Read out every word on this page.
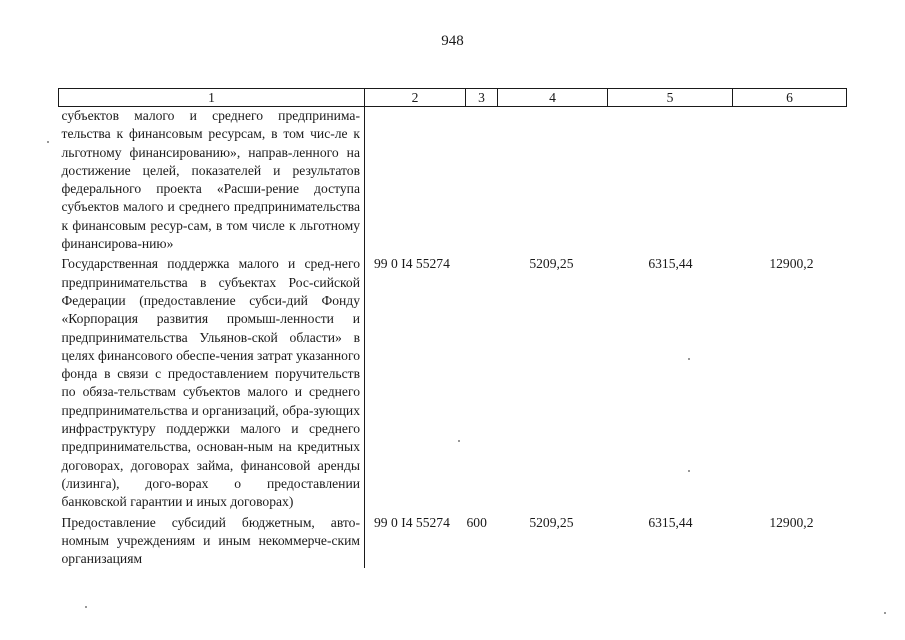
948
1	2	3	4	5	6
субъектов малого и среднего предпринима-тельства к финансовым ресурсам, в том чис-ле к льготному финансированию», направ-ленного на достижение целей, показателей и результатов федерального проекта «Расши-рение доступа субъектов малого и среднего предпринимательства к финансовым ресур-сам, в том числе к льготному финансирова-нию»					
Государственная поддержка малого и сред-него предпринимательства в субъектах Рос-сийской Федерации (предоставление субси-дий Фонду «Корпорация развития промыш-ленности и предпринимательства Ульянов-ской области» в целях финансового обеспе-чения затрат указанного фонда в связи с предоставлением поручительств по обяза-тельствам субъектов малого и среднего предпринимательства и организаций, обра-зующих инфраструктуру поддержки малого и среднего предпринимательства, основан-ным на кредитных договорах, договорах займа, финансовой аренды (лизинга), дого-ворах о предоставлении банковской гарантии и иных договорах)	99 0 I4 55274		5209,25	6315,44	12900,2
Предоставление субсидий бюджетным, авто-номным учреждениям и иным некоммерче-ским организациям	99 0 I4 55274	600	5209,25	6315,44	12900,2
